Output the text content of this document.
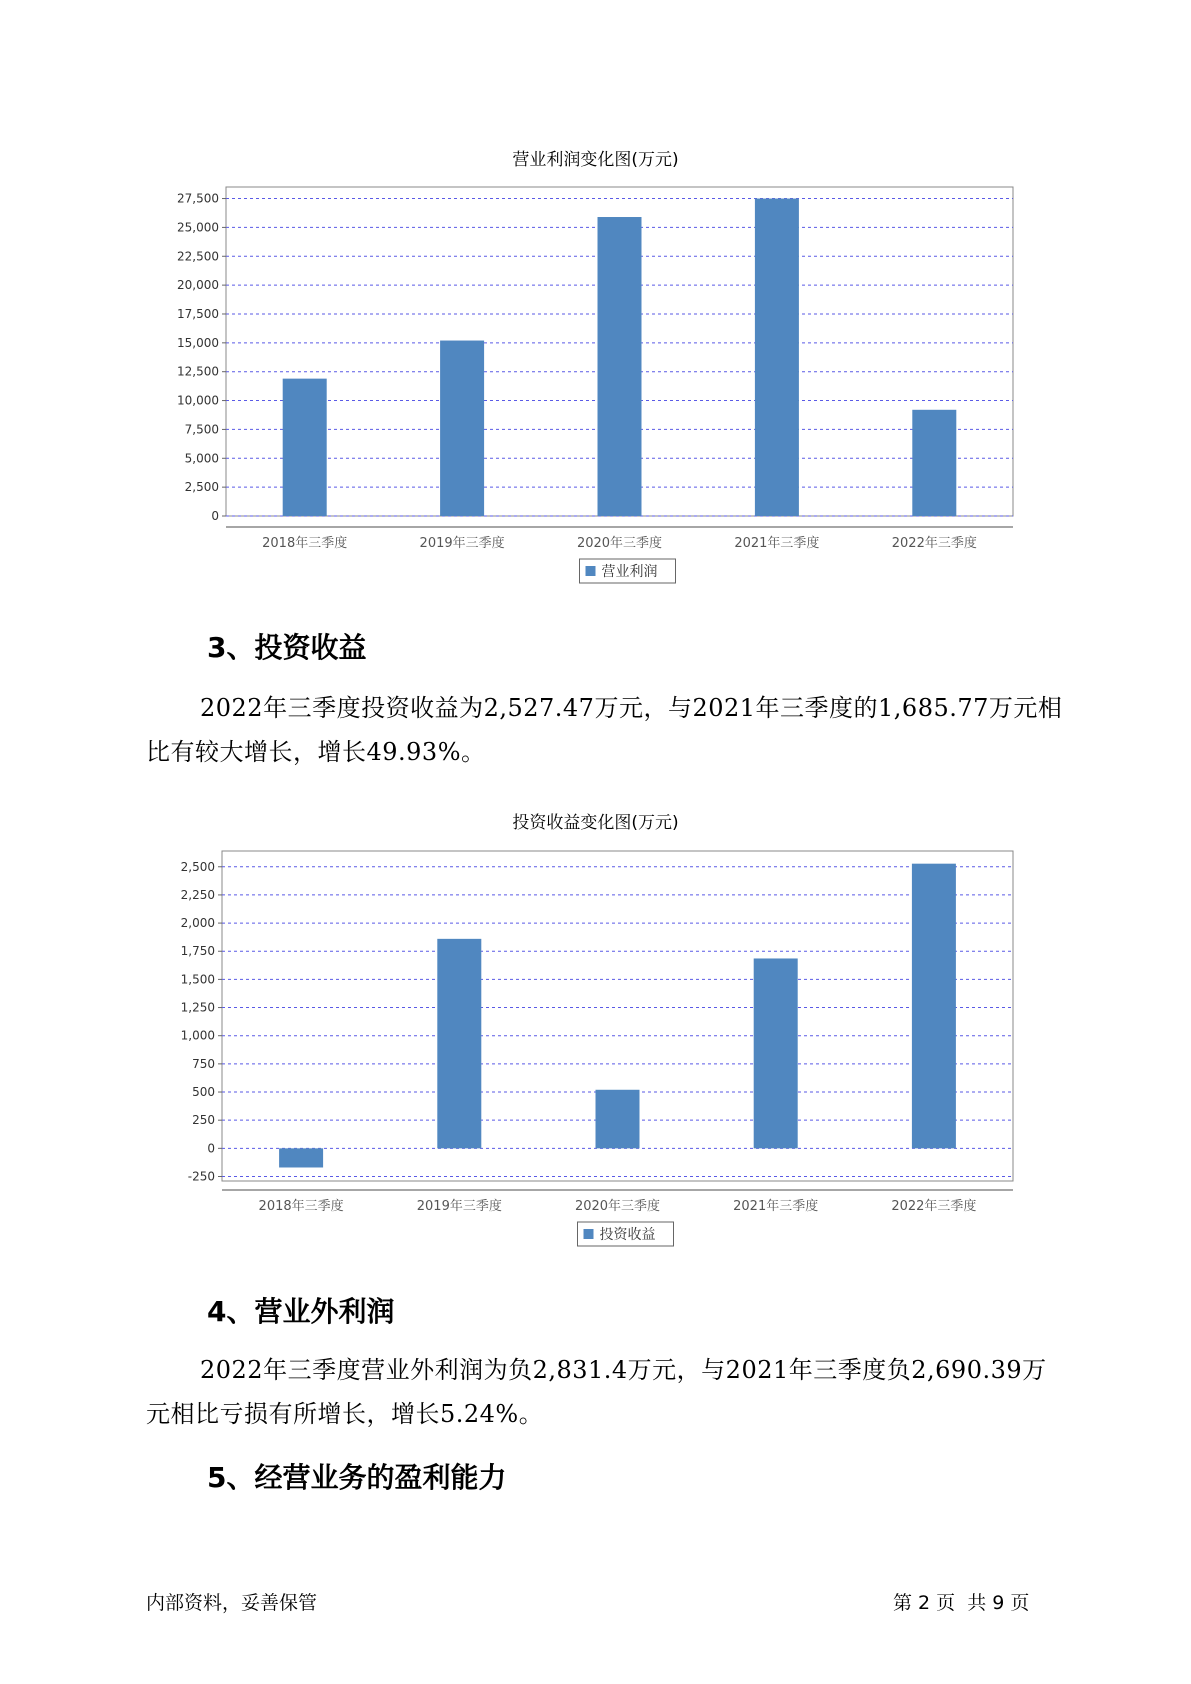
营业利润变化图(万元)
0
2,500
5,000
7,500
10,000
12,500
15,000
17,500
20,000
22,500
25,000
27,500
2018年三季度	2019年三季度	2020年三季度	2021年三季度	2022年三季度
营业利润
3、投资收益

2022年三季度投资收益为2,527.47万元，与2021年三季度的1,685.77万元相比有较大增长，增长49.93%。

投资收益变化图(万元)
-250
0
250
500
750
1,000
1,250
1,500
1,750
2,000
2,250
2,500
2018年三季度	2019年三季度	2020年三季度	2021年三季度	2022年三季度
投资收益
4、营业外利润

2022年三季度营业外利润为负2,831.4万元，与2021年三季度负2,690.39万元相比亏损有所增长，增长5.24%。

5、经营业务的盈利能力
内部资料，妥善保管	第 2 页  共 9 页
